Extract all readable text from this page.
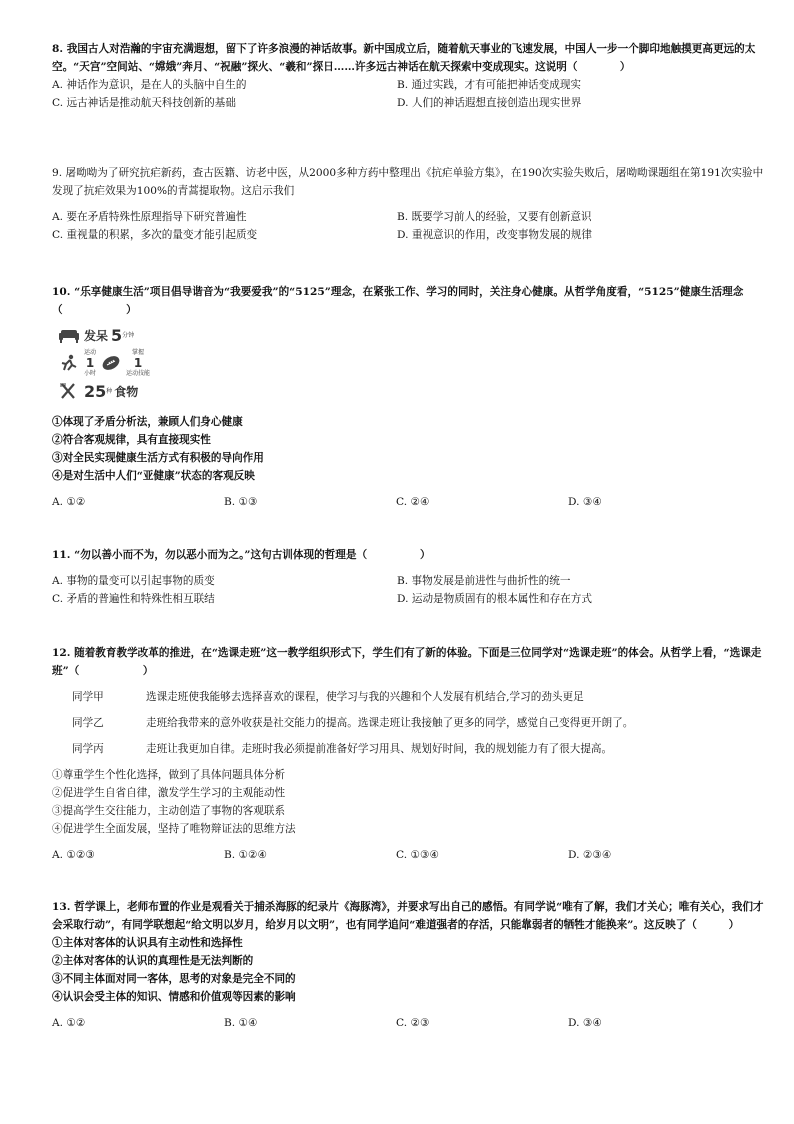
8. 我国古人对浩瀚的宇宙充满遐想，留下了许多浪漫的神话故事。新中国成立后，随着航天事业的飞速发展，中国人一步一个脚印地触摸更高更远的太空。“天宫”空间站、“嫦娥”奔月、“祝融”探火、“羲和”探日……许多远古神话在航天探索中变成现实。这说明（　　　　）

A. 神话作为意识，是在人的头脑中自生的	B. 通过实践，才有可能把神话变成现实
C. 远古神话是推动航天科技创新的基础	D. 人们的神话遐想直接创造出现实世界

9. 屠呦呦为了研究抗疟新药，查古医籍、访老中医，从2000多种方药中整理出《抗疟单验方集》，在190次实验失败后，屠呦呦课题组在第191次实验中发现了抗疟效果为100%的青蒿提取物。这启示我们

A. 要在矛盾特殊性原理指导下研究普遍性	B. 既要学习前人的经验，又要有创新意识
C. 重视量的积累，多次的量变才能引起质变	D. 重视意识的作用，改变事物发展的规律

10. “乐享健康生活”项目倡导谐音为“我要爱我”的“5125”理念，在紧张工作、学习的同时，关注身心健康。从哲学角度看，“5125”健康生活理念（　　　　　　）

发呆 5 分钟
运动
1
小时
掌握
1
运动技能
25 种 食物

①体现了矛盾分析法，兼顾人们身心健康

②符合客观规律，具有直接现实性

③对全民实现健康生活方式有积极的导向作用

④是对生活中人们“亚健康”状态的客观反映

A. ①②	B. ①③	C. ②④	D. ③④

11. “勿以善小而不为，勿以恶小而为之。”这句古训体现的哲理是（　　　　　）

A. 事物的量变可以引起事物的质变	B. 事物发展是前进性与曲折性的统一
C. 矛盾的普遍性和特殊性相互联结	D. 运动是物质固有的根本属性和存在方式

12. 随着教育教学改革的推进，在“选课走班”这一教学组织形式下，学生们有了新的体验。下面是三位同学对“选课走班”的体会。从哲学上看，“选课走班”（　　　　　　）

同学甲	选课走班使我能够去选择喜欢的课程，使学习与我的兴趣和个人发展有机结合,学习的劲头更足
同学乙	走班给我带来的意外收获是社交能力的提高。选课走班让我接触了更多的同学，感觉自己变得更开朗了。
同学丙	走班让我更加自律。走班时我必须提前准备好学习用具、规划好时间，我的规划能力有了很大提高。

①尊重学生个性化选择，做到了具体问题具体分析

②促进学生自省自律，激发学生学习的主观能动性

③提高学生交往能力，主动创造了事物的客观联系

④促进学生全面发展，坚持了唯物辩证法的思维方法

A. ①②③	B. ①②④	C. ①③④	D. ②③④

13. 哲学课上，老师布置的作业是观看关于捕杀海豚的纪录片《海豚湾》，并要求写出自己的感悟。有同学说“唯有了解，我们才关心；唯有关心，我们才会采取行动”，有同学联想起“给文明以岁月，给岁月以文明”，也有同学追问“难道强者的存活，只能靠弱者的牺牲才能换来”。这反映了（　　　）

①主体对客体的认识具有主动性和选择性

②主体对客体的认识的真理性是无法判断的

③不同主体面对同一客体，思考的对象是完全不同的

④认识会受主体的知识、情感和价值观等因素的影响

A. ①②	B. ①④	C. ②③	D. ③④
